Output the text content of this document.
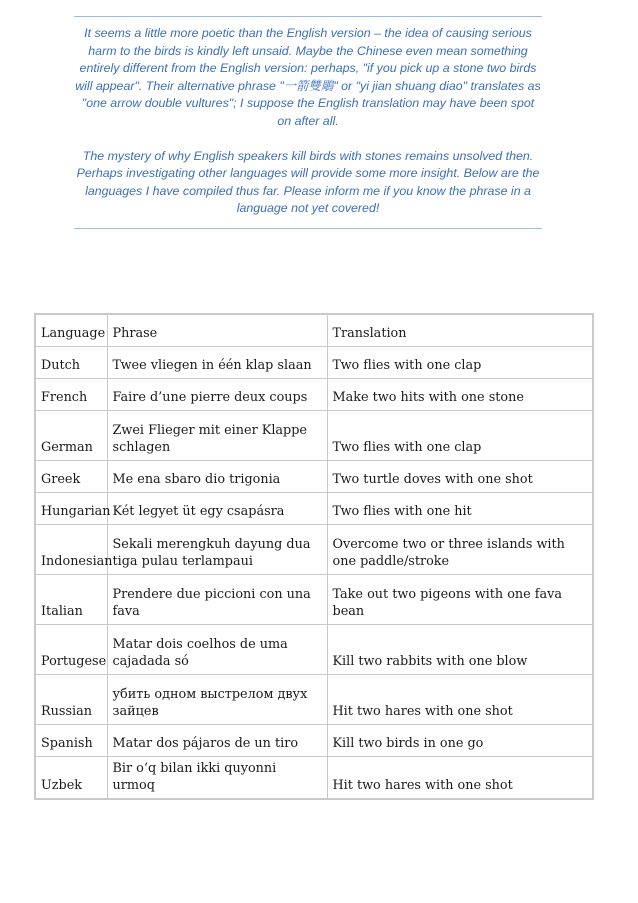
It seems a little more poetic than the English version – the idea of causing serious harm to the birds is kindly left unsaid. Maybe the Chinese even mean something entirely different from the English version: perhaps, "if you pick up a stone two birds will appear". Their alternative phrase "一箭雙鵰" or "yi jian shuang diao" translates as "one arrow double vultures"; I suppose the English translation may have been spot on after all.

The mystery of why English speakers kill birds with stones remains unsolved then. Perhaps investigating other languages will provide some more insight. Below are the languages I have compiled thus far. Please inform me if you know the phrase in a language not yet covered!

Language	Phrase	Translation
Dutch	Twee vliegen in één klap slaan	Two flies with one clap
French	Faire d’une pierre deux coups	Make two hits with one stone
German	Zwei Flieger mit einer Klappe schlagen	Two flies with one clap
Greek	Me ena sbaro dio trigonia	Two turtle doves with one shot
Hungarian	Két legyet üt egy csapásra	Two flies with one hit
Indonesian	Sekali merengkuh dayung dua tiga pulau terlampaui	Overcome two or three islands with one paddle/stroke
Italian	Prendere due piccioni con una fava	Take out two pigeons with one fava bean
Portugese	Matar dois coelhos de uma cajadada só	Kill two rabbits with one blow
Russian	убить одном выстрелом двух зайцев	Hit two hares with one shot
Spanish	Matar dos pájaros de un tiro	Kill two birds in one go
Uzbek	Bir o‘q bilan ikki quyonni urmoq	Hit two hares with one shot
